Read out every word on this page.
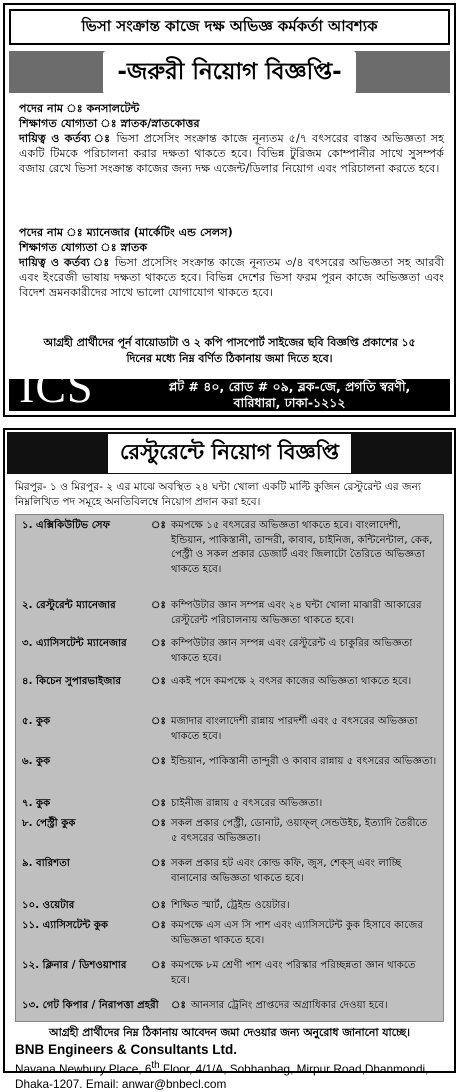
ভিসা সংক্রান্ত কাজে দক্ষ অভিজ্ঞ কর্মকর্তা আবশ্যক
-জরুরী নিয়োগ বিজ্ঞপ্তি-
পদের নাম ঃ কনসালটেন্ট
শিক্ষাগত যোগ্যতা ঃ স্নাতক/স্নাতকোত্তর
দায়িত্ব ও কর্তব্য ঃ ভিসা প্রসেসিং সংক্রান্ত কাজে নূন্যতম ৫/৭ বৎসরের বাস্তব অভিজ্ঞতা সহ একটি টিমকে পরিচালনা করার দক্ষতা থাকতে হবে। বিভিন্ন টুরিজম কোম্পানীর সাথে সুসম্পর্ক বজায় রেখে ভিসা সংক্রান্ত কাজের জন্য দক্ষ এজেন্ট/ডিলার নিয়োগ এবং পরিচালনা করতে হবে।
পদের নাম ঃ ম্যানেজার (মার্কেটিং এন্ড সেলস)
শিক্ষাগত যোগ্যতা ঃ স্নাতক
দায়িত্ব ও কর্তব্য ঃ ভিসা প্রসেসিং সংক্রান্ত কাজে নূন্যতম ৩/৪ বৎসরের অভিজ্ঞতা সহ আরবী এবং ইংরেজী ভাষায় দক্ষতা থাকতে হবে। বিভিন্ন দেশের ভিসা ফরম পূরন কাজে অভিজ্ঞতা এবং বিদেশ ভ্রমনকারীদের সাথে ভালো যোগাযোগ থাকতে হবে।
আগ্রহী প্রার্থীদের পূর্ন বায়োডাটা ও ২ কপি পাসপোর্ট সাইজের ছবি বিজ্ঞপ্তি প্রকাশের ১৫ দিনের মধ্যে নিম্ন বর্ণিত ঠিকানায় জমা দিতে হবে।
ICS	প্লট # ৪০, রোড # ০৯, ব্লক-জে, প্রগতি স্বরণী,
বারিধারা, ঢাকা-১২১২
রেস্টুরেন্টে নিয়োগ বিজ্ঞপ্তি
মিরপুর- ১ ও মিরপুর- ২ এর মাঝে অবস্থিত ২৪ ঘন্টা খোলা একটি মাল্টি কুজিন রেস্টুরেন্ট এর জন্য নিম্নলিখিত পদ সমূহে অনতিবিলম্বে নিয়োগ প্রদান করা হবে।
১. এক্সিকিউটিভ সেফ	ঃ কমপক্ষে ১৫ বৎসরের অভিজ্ঞতা থাকতে হবে। বাংলাদেশী, ইন্ডিয়ান, পাকিস্তানী, তান্দরী, কাবাব, চাইনিজ, কন্টিনেন্টাল, কেক, পেস্ট্রী ও সকল প্রকার ডেজার্ট এবং জিলাটো তৈরিতে অভিজ্ঞতা থাকতে হবে।
২. রেস্টুরেন্ট ম্যানেজার	ঃ কম্পিউটার জ্ঞান সম্পন্ন এবং ২৪ ঘন্টা খোলা মাঝারী আকারের রেস্টুরেন্ট পরিচালনায় অভিজ্ঞতা থাকতে হবে।
৩. এ্যাসিসটেন্ট ম্যানেজার	ঃ কম্পিউটার জ্ঞান সম্পন্ন এবং রেস্টুরেন্ট এ চাকুরির অভিজ্ঞতা থাকতে হবে।
৪. কিচেন সুপারভাইজার	ঃ একই পদে কমপক্ষে ২ বৎসর কাজের অভিজ্ঞতা থাকতে হবে।
৫. কুক	ঃ মজাদার বাংলাদেশী রান্নায় পারদর্শী এবং ৫ বৎসরের অভিজ্ঞতা থাকতে হবে।
৬. কুক	ঃ ইন্ডিয়ান, পাকিস্তানী তান্দুরী ও কাবাব রান্নায় ৫ বৎসরের অভিজ্ঞতা।
৭. কুক	ঃ চাইনীজ রান্নায় ৫ বৎসরের অভিজ্ঞতা।
৮. পেস্ট্রী কুক	ঃ সকল প্রকার পেস্ট্রী, ডোনাট, ওয়াফ্ল্ সেন্ডউইচ, ইত্যাদি তৈরীতে ৫ বৎসরের অভিজ্ঞতা।
৯. বারিশতা	ঃ সকল প্রকার হট এবং কোল্ড কফি, জুস, শেক্স্ এবং লাচ্ছি বানানোর অভিজ্ঞতা থাকতে হবে।
১০. ওয়েটার	ঃ শিক্ষিত স্মার্ট, ট্রেইন্ড ওয়েটার।
১১. এ্যাসিসটেন্ট কুক	ঃ কমপক্ষে এস এস সি পাশ এবং এ্যাসিসটেন্ট কুক হিসাবে কাজের অভিজ্ঞতা থাকতে হবে।
১২. ক্লিনার / ডিশওয়াশার	ঃ কমপক্ষে ৮ম শ্রেণী পাশ এবং পরিস্কার পরিচ্ছন্নতা জ্ঞান থাকতে হবে।
১৩. গেট কিপার / নিরাপত্তা প্রহরী	ঃ আনসার ট্রেনিং প্রাপ্তদের অগ্রাধিকার দেওয়া হবে।
আগ্রহী প্রার্থীদের নিম্ন ঠিকানায় আবেদন জমা দেওয়ার জন্য অনুরোধ জানানো যাচ্ছে।
BNB Engineers & Consultants Ltd.
Navana Newbury Place, 6th Floor, 4/1/A, Sobhanbag, Mirpur Road,Dhanmondi, Dhaka-1207. Email: anwar@bnbecl.com
